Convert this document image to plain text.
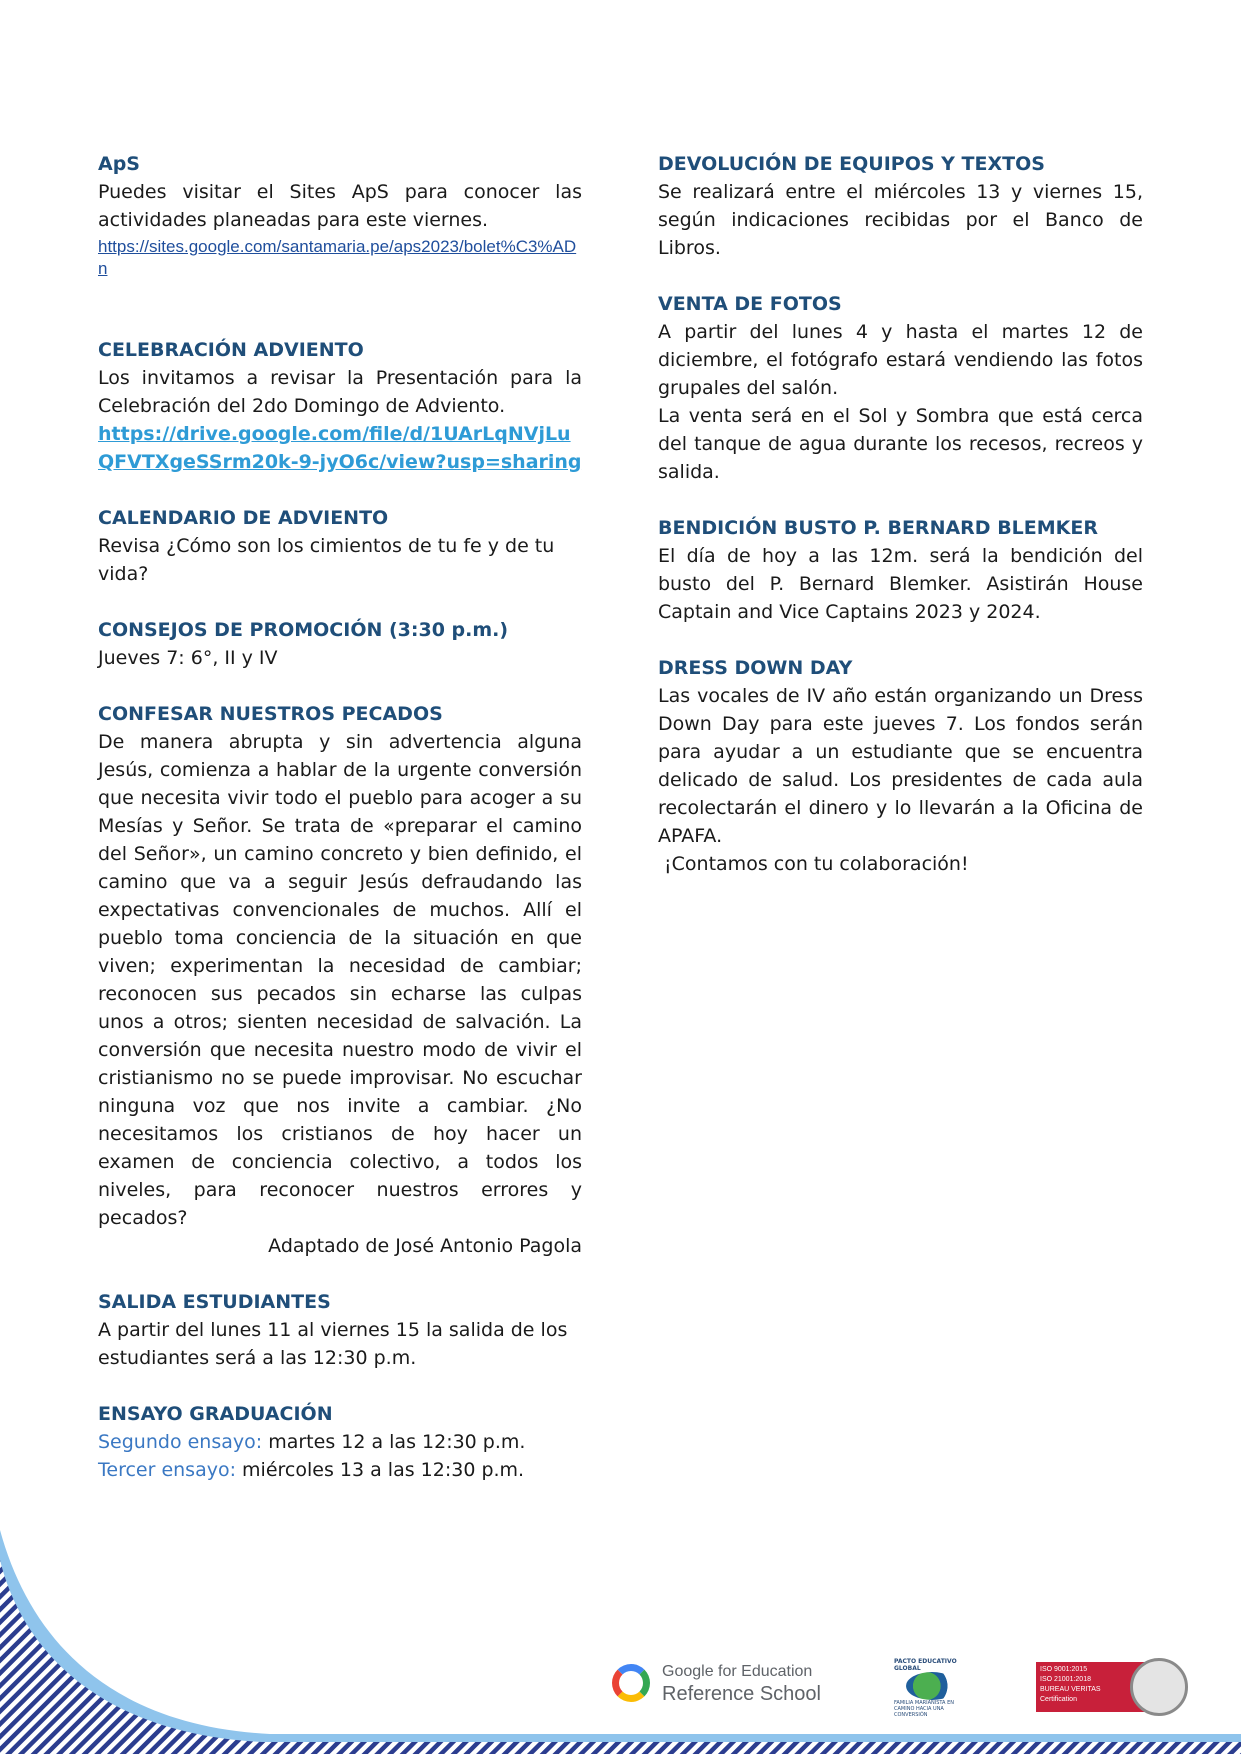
ApS
Puedes visitar el Sites ApS para conocer las actividades planeadas para este viernes.
https://sites.google.com/santamaria.pe/aps2023/bolet%C3%ADn
CELEBRACIÓN ADVIENTO
Los invitamos a revisar la Presentación para la Celebración del 2do Domingo de Adviento.
https://drive.google.com/file/d/1UArLqNVjLuQFVTXgeSSrm20k-9-jyO6c/view?usp=sharing
CALENDARIO DE ADVIENTO
Revisa ¿Cómo son los cimientos de tu fe y de tu vida?
CONSEJOS DE PROMOCIÓN (3:30 p.m.)
Jueves 7: 6°, II y IV
CONFESAR NUESTROS PECADOS
De manera abrupta y sin advertencia alguna Jesús, comienza a hablar de la urgente conversión que necesita vivir todo el pueblo para acoger a su Mesías y Señor. Se trata de «preparar el camino del Señor», un camino concreto y bien definido, el camino que va a seguir Jesús defraudando las expectativas convencionales de muchos. Allí el pueblo toma conciencia de la situación en que viven; experimentan la necesidad de cambiar; reconocen sus pecados sin echarse las culpas unos a otros; sienten necesidad de salvación. La conversión que necesita nuestro modo de vivir el cristianismo no se puede improvisar. No escuchar ninguna voz que nos invite a cambiar. ¿No necesitamos los cristianos de hoy hacer un examen de conciencia colectivo, a todos los niveles, para reconocer nuestros errores y pecados?
Adaptado de José Antonio Pagola
SALIDA ESTUDIANTES
A partir del lunes 11 al viernes 15 la salida de los estudiantes será a las 12:30 p.m.
ENSAYO GRADUACIÓN
Segundo ensayo: martes 12 a las 12:30 p.m.
Tercer ensayo: miércoles 13 a las 12:30 p.m.
DEVOLUCIÓN DE EQUIPOS Y TEXTOS
Se realizará entre el miércoles 13 y viernes 15, según indicaciones recibidas por el Banco de Libros.
VENTA DE FOTOS
A partir del lunes 4 y hasta el martes 12 de diciembre, el fotógrafo estará vendiendo las fotos grupales del salón.
La venta será en el Sol y Sombra que está cerca del tanque de agua durante los recesos, recreos y salida.
BENDICIÓN BUSTO P. BERNARD BLEMKER
El día de hoy a las 12m. será la bendición del busto del P. Bernard Blemker. Asistirán House Captain and Vice Captains 2023 y 2024.
DRESS DOWN DAY
Las vocales de IV año están organizando un Dress Down Day para este jueves 7. Los fondos serán para ayudar a un estudiante que se encuentra delicado de salud. Los presidentes de cada aula recolectarán el dinero y lo llevarán a la Oficina de APAFA.
¡Contamos con tu colaboración!
Google for Education
Reference School
PACTO EDUCATIVO GLOBAL
FAMILIA MARIANISTA EN CAMINO HACIA UNA CONVERSIÓN
ISO 9001:2015
ISO 21001:2018
BUREAU VERITAS
Certification
